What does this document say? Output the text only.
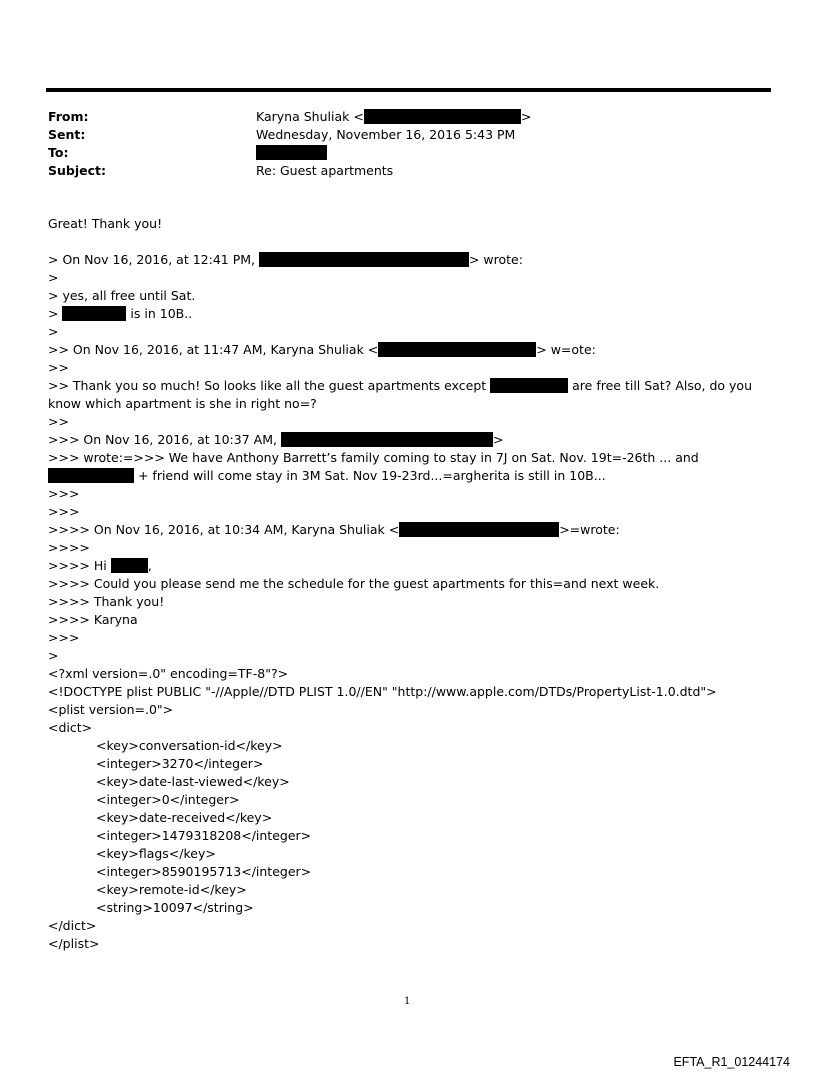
From:	Karyna Shuliak <	>
Sent:	Wednesday, November 16, 2016 5:43 PM
To:
Subject:	Re: Guest apartments
Great! Thank you!
> On Nov 16, 2016, at 12:41 PM,	> wrote:
>
> yes, all free until Sat.
>	is in 10B..
>
>> On Nov 16, 2016, at 11:47 AM, Karyna Shuliak <	> w=ote:
>>
>> Thank you so much! So looks like all the guest apartments except	are free till Sat? Also, do you know which apartment is she in right no=?
>>
>>> On Nov 16, 2016, at 10:37 AM,	>
>>> wrote:=>>> We have Anthony Barrett’s family coming to stay in 7J on Sat. Nov. 19t=-26th ... and  + friend will come stay in 3M Sat. Nov 19-23rd...=argherita is still in 10B...
>>>
>>>
>>>> On Nov 16, 2016, at 10:34 AM, Karyna Shuliak <	>=wrote:
>>>>
>>>> Hi	,
>>>> Could you please send me the schedule for the guest apartments for this=and next week.
>>>> Thank you!
>>>> Karyna
>>>
>
<?xml version=.0" encoding=TF-8"?>
<!DOCTYPE plist PUBLIC "-//Apple//DTD PLIST 1.0//EN" "http://www.apple.com/DTDs/PropertyList-1.0.dtd">
<plist version=.0">
<dict>
<key>conversation-id</key>
<integer>3270</integer>
<key>date-last-viewed</key>
<integer>0</integer>
<key>date-received</key>
<integer>1479318208</integer>
<key>flags</key>
<integer>8590195713</integer>
<key>remote-id</key>
<string>10097</string>
</dict>
</plist>
1
EFTA_R1_01244174
